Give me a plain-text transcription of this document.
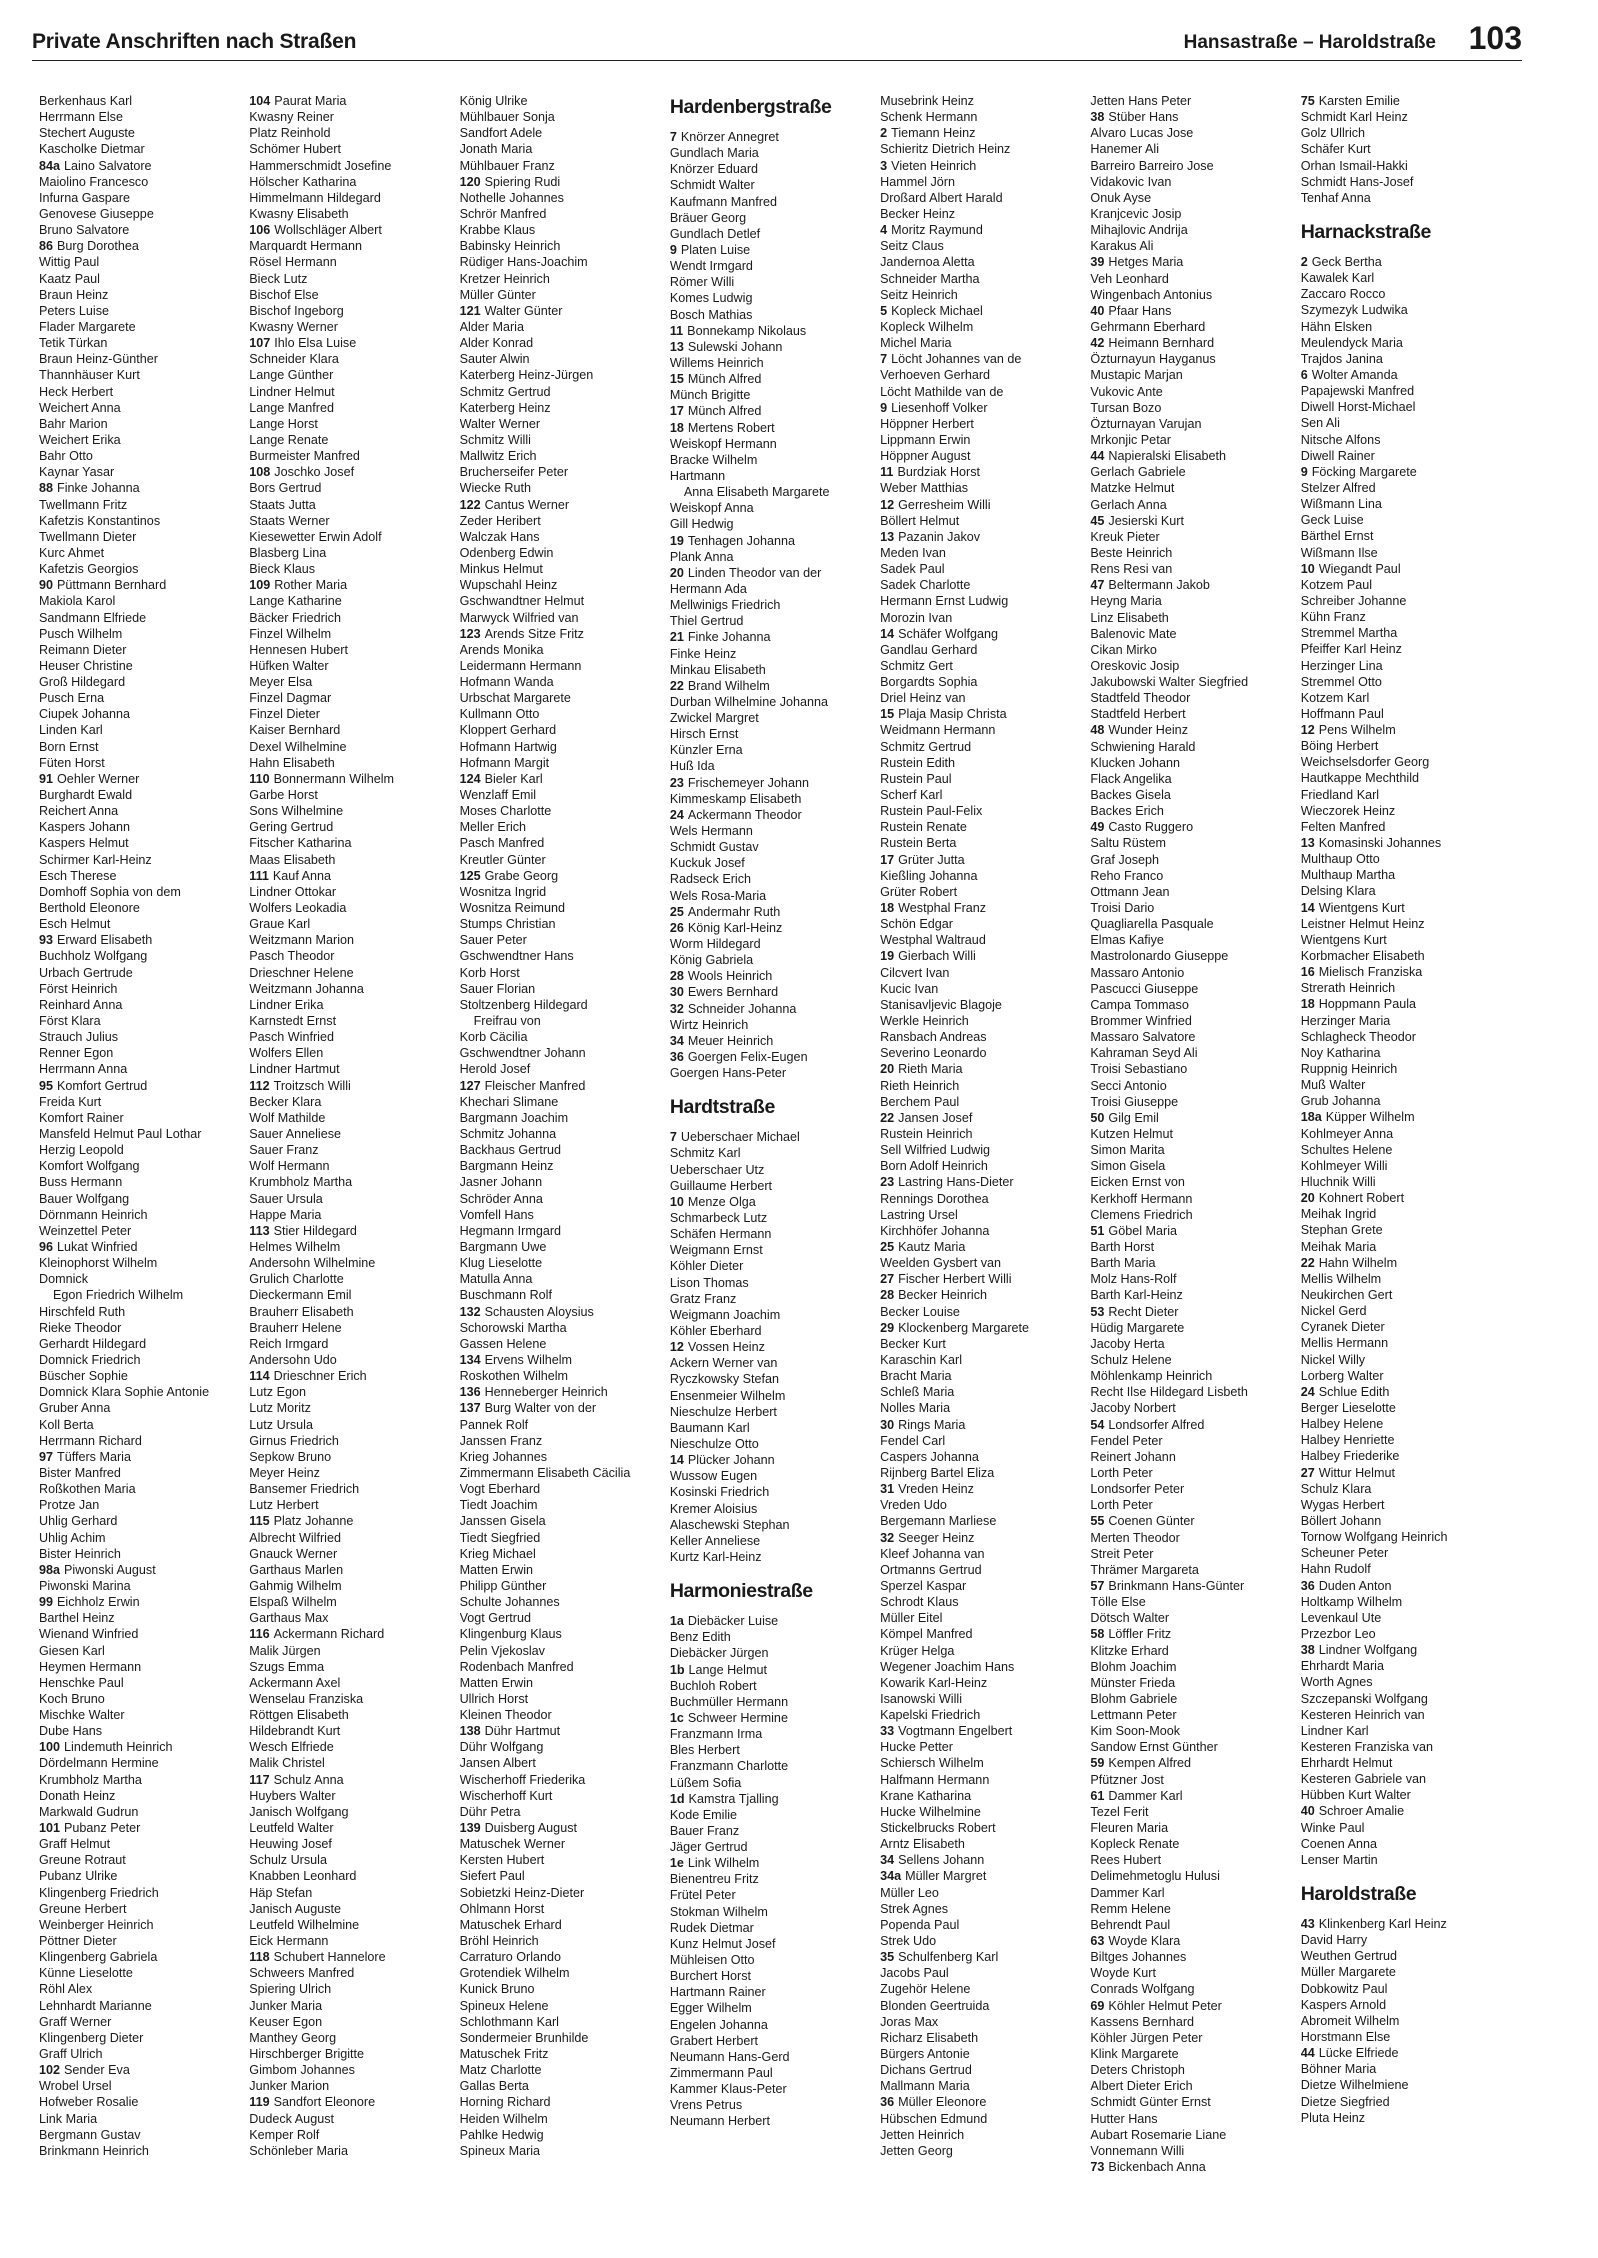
Private Anschriften nach Straßen	Hansastraße – Haroldstraße 103
Berkenhaus Karl
Herrmann Else
Stechert Auguste
Kascholke Dietmar
84a Laino Salvatore
Maiolino Francesco
Infurna Gaspare
Genovese Giuseppe
Bruno Salvatore
86 Burg Dorothea
Wittig Paul
Kaatz Paul
Braun Heinz
Peters Luise
Flader Margarete
Tetik Türkan
Braun Heinz-Günther
Thannhäuser Kurt
Heck Herbert
Weichert Anna
Bahr Marion
Weichert Erika
Bahr Otto
Kaynar Yasar
88 Finke Johanna
Twellmann Fritz
Kafetzis Konstantinos
Twellmann Dieter
Kurc Ahmet
Kafetzis Georgios
90 Püttmann Bernhard
Makiola Karol
Sandmann Elfriede
Pusch Wilhelm
Reimann Dieter
Heuser Christine
Groß Hildegard
Pusch Erna
Ciupek Johanna
Linden Karl
Born Ernst
Füten Horst
91 Oehler Werner
Burghardt Ewald
Reichert Anna
Kaspers Johann
Kaspers Helmut
Schirmer Karl-Heinz
Esch Therese
Domhoff Sophia von dem
Berthold Eleonore
Esch Helmut
93 Erward Elisabeth
Buchholz Wolfgang
Urbach Gertrude
Först Heinrich
Reinhard Anna
Först Klara
Strauch Julius
Renner Egon
Herrmann Anna
95 Komfort Gertrud
Freida Kurt
Komfort Rainer
Mansfeld Helmut Paul Lothar
Herzig Leopold
Komfort Wolfgang
Buss Hermann
Bauer Wolfgang
Dörnmann Heinrich
Weinzettel Peter
96 Lukat Winfried
Kleinophorst Wilhelm
Domnick
Egon Friedrich Wilhelm
Hirschfeld Ruth
Rieke Theodor
Gerhardt Hildegard
Domnick Friedrich
Büscher Sophie
Domnick Klara Sophie Antonie
Gruber Anna
Koll Berta
Herrmann Richard
97 Tüffers Maria
Bister Manfred
Roßkothen Maria
Protze Jan
Uhlig Gerhard
Uhlig Achim
Bister Heinrich
98a Piwonski August
Piwonski Marina
99 Eichholz Erwin
Barthel Heinz
Wienand Winfried
Giesen Karl
Heymen Hermann
Henschke Paul
Koch Bruno
Mischke Walter
Dube Hans
100 Lindemuth Heinrich
Dördelmann Hermine
Krumbholz Martha
Donath Heinz
Markwald Gudrun
101 Pubanz Peter
Graff Helmut
Greune Rotraut
Pubanz Ulrike
Klingenberg Friedrich
Greune Herbert
Weinberger Heinrich
Pöttner Dieter
Klingenberg Gabriela
Künne Lieselotte
Röhl Alex
Lehnhardt Marianne
Graff Werner
Klingenberg Dieter
Graff Ulrich
102 Sender Eva
Wrobel Ursel
Hofweber Rosalie
Link Maria
Bergmann Gustav
Brinkmann Heinrich
104 Paurat Maria
Kwasny Reiner
Platz Reinhold
Schömer Hubert
Hammerschmidt Josefine
Hölscher Katharina
Himmelmann Hildegard
Kwasny Elisabeth
106 Wollschläger Albert
Marquardt Hermann
Rösel Hermann
Bieck Lutz
Bischof Else
Bischof Ingeborg
Kwasny Werner
107 Ihlo Elsa Luise
Schneider Klara
Lange Günther
Lindner Helmut
Lange Manfred
Lange Horst
Lange Renate
Burmeister Manfred
108 Joschko Josef
Bors Gertrud
Staats Jutta
Staats Werner
Kiesewetter Erwin Adolf
Blasberg Lina
Bieck Klaus
109 Rother Maria
Lange Katharine
Bäcker Friedrich
Finzel Wilhelm
Hennesen Hubert
Hüfken Walter
Meyer Elsa
Finzel Dagmar
Finzel Dieter
Kaiser Bernhard
Dexel Wilhelmine
Hahn Elisabeth
110 Bonnermann Wilhelm
Garbe Horst
Sons Wilhelmine
Gering Gertrud
Fitscher Katharina
Maas Elisabeth
111 Kauf Anna
Lindner Ottokar
Wolfers Leokadia
Graue Karl
Weitzmann Marion
Pasch Theodor
Drieschner Helene
Weitzmann Johanna
Lindner Erika
Karnstedt Ernst
Pasch Winfried
Wolfers Ellen
Lindner Hartmut
112 Troitzsch Willi
Becker Klara
Wolf Mathilde
Sauer Anneliese
Sauer Franz
Wolf Hermann
Krumbholz Martha
Sauer Ursula
Happe Maria
113 Stier Hildegard
Helmes Wilhelm
Andersohn Wilhelmine
Grulich Charlotte
Dieckermann Emil
Brauherr Elisabeth
Brauherr Helene
Reich Irmgard
Andersohn Udo
114 Drieschner Erich
Lutz Egon
Lutz Moritz
Lutz Ursula
Girnus Friedrich
Sepkow Bruno
Meyer Heinz
Bansemer Friedrich
Lutz Herbert
115 Platz Johanne
Albrecht Wilfried
Gnauck Werner
Garthaus Marlen
Gahmig Wilhelm
Elspaß Wilhelm
Garthaus Max
116 Ackermann Richard
Malik Jürgen
Szugs Emma
Ackermann Axel
Wenselau Franziska
Röttgen Elisabeth
Hildebrandt Kurt
Wesch Elfriede
Malik Christel
117 Schulz Anna
Huybers Walter
Janisch Wolfgang
Leutfeld Walter
Heuwing Josef
Schulz Ursula
Knabben Leonhard
Häp Stefan
Janisch Auguste
Leutfeld Wilhelmine
Eick Hermann
118 Schubert Hannelore
Schweers Manfred
Spiering Ulrich
Junker Maria
Keuser Egon
Manthey Georg
Hirschberger Brigitte
Gimbom Johannes
Junker Marion
119 Sandfort Eleonore
Dudeck August
Kemper Rolf
Schönleber Maria
König Ulrike
Mühlbauer Sonja
Sandfort Adele
Jonath Maria
Mühlbauer Franz
120 Spiering Rudi
Nothelle Johannes
Schrör Manfred
Krabbe Klaus
Babinsky Heinrich
Rüdiger Hans-Joachim
Kretzer Heinrich
Müller Günter
121 Walter Günter
Alder Maria
Alder Konrad
Sauter Alwin
Katerberg Heinz-Jürgen
Schmitz Gertrud
Katerberg Heinz
Walter Werner
Schmitz Willi
Mallwitz Erich
Brucherseifer Peter
Wiecke Ruth
122 Cantus Werner
Zeder Heribert
Walczak Hans
Odenberg Edwin
Minkus Helmut
Wupschahl Heinz
Gschwandtner Helmut
Marwyck Wilfried van
123 Arends Sitze Fritz
Arends Monika
Leidermann Hermann
Hofmann Wanda
Urbschat Margarete
Kullmann Otto
Kloppert Gerhard
Hofmann Hartwig
Hofmann Margit
124 Bieler Karl
Wenzlaff Emil
Moses Charlotte
Meller Erich
Pasch Manfred
Kreutler Günter
125 Grabe Georg
Wosnitza Ingrid
Wosnitza Reimund
Stumps Christian
Sauer Peter
Gschwendtner Hans
Korb Horst
Sauer Florian
Stoltzenberg Hildegard
Freifrau von
Korb Cäcilia
Gschwendtner Johann
Herold Josef
127 Fleischer Manfred
Khechari Slimane
Bargmann Joachim
Schmitz Johanna
Backhaus Gertrud
Bargmann Heinz
Jasner Johann
Schröder Anna
Vomfell Hans
Hegmann Irmgard
Bargmann Uwe
Klug Lieselotte
Matulla Anna
Buschmann Rolf
132 Schausten Aloysius
Schorowski Martha
Gassen Helene
134 Ervens Wilhelm
Roskothen Wilhelm
136 Henneberger Heinrich
137 Burg Walter von der
Pannek Rolf
Janssen Franz
Krieg Johannes
Zimmermann Elisabeth Cäcilia
Vogt Eberhard
Tiedt Joachim
Janssen Gisela
Tiedt Siegfried
Krieg Michael
Matten Erwin
Philipp Günther
Schulte Johannes
Vogt Gertrud
Klingenburg Klaus
Pelin Vjekoslav
Rodenbach Manfred
Matten Erwin
Ullrich Horst
Kleinen Theodor
138 Dühr Hartmut
Dühr Wolfgang
Jansen Albert
Wischerhoff Friederika
Wischerhoff Kurt
Dühr Petra
139 Duisberg August
Matuschek Werner
Kersten Hubert
Siefert Paul
Sobietzki Heinz-Dieter
Ohlmann Horst
Matuschek Erhard
Bröhl Heinrich
Carraturo Orlando
Grotendiek Wilhelm
Kunick Bruno
Spineux Helene
Schlothmann Karl
Sondermeier Brunhilde
Matuschek Fritz
Matz Charlotte
Gallas Berta
Horning Richard
Heiden Wilhelm
Pahlke Hedwig
Spineux Maria
Hardenbergstraße
7 Knörzer Annegret
Gundlach Maria
Knörzer Eduard
Schmidt Walter
Kaufmann Manfred
Bräuer Georg
Gundlach Detlef
9 Platen Luise
Wendt Irmgard
Römer Willi
Komes Ludwig
Bosch Mathias
11 Bonnekamp Nikolaus
13 Sulewski Johann
Willems Heinrich
15 Münch Alfred
Münch Brigitte
17 Münch Alfred
18 Mertens Robert
Weiskopf Hermann
Bracke Wilhelm
Hartmann
Anna Elisabeth Margarete
Weiskopf Anna
Gill Hedwig
19 Tenhagen Johanna
Plank Anna
20 Linden Theodor van der
Hermann Ada
Mellwinigs Friedrich
Thiel Gertrud
21 Finke Johanna
Finke Heinz
Minkau Elisabeth
22 Brand Wilhelm
Durban Wilhelmine Johanna
Zwickel Margret
Hirsch Ernst
Künzler Erna
Huß Ida
23 Frischemeyer Johann
Kimmeskamp Elisabeth
24 Ackermann Theodor
Wels Hermann
Schmidt Gustav
Kuckuk Josef
Radseck Erich
Wels Rosa-Maria
25 Andermahr Ruth
26 König Karl-Heinz
Worm Hildegard
König Gabriela
28 Wools Heinrich
30 Ewers Bernhard
32 Schneider Johanna
Wirtz Heinrich
34 Meuer Heinrich
36 Goergen Felix-Eugen
Goergen Hans-Peter
Hardtstraße
7 Ueberschaer Michael
Schmitz Karl
Ueberschaer Utz
Guillaume Herbert
10 Menze Olga
Schmarbeck Lutz
Schäfen Hermann
Weigmann Ernst
Köhler Dieter
Lison Thomas
Gratz Franz
Weigmann Joachim
Köhler Eberhard
12 Vossen Heinz
Ackern Werner van
Ryczkowsky Stefan
Ensenmeier Wilhelm
Nieschulze Herbert
Baumann Karl
Nieschulze Otto
14 Plücker Johann
Wussow Eugen
Kosinski Friedrich
Kremer Aloisius
Alaschewski Stephan
Keller Anneliese
Kurtz Karl-Heinz
Harmoniestraße
1a Diebäcker Luise
Benz Edith
Diebäcker Jürgen
1b Lange Helmut
Buchloh Robert
Buchmüller Hermann
1c Schweer Hermine
Franzmann Irma
Bles Herbert
Franzmann Charlotte
Lüßem Sofia
1d Kamstra Tjalling
Kode Emilie
Bauer Franz
Jäger Gertrud
1e Link Wilhelm
Bienentreu Fritz
Frütel Peter
Stokman Wilhelm
Rudek Dietmar
Kunz Helmut Josef
Mühleisen Otto
Burchert Horst
Hartmann Rainer
Egger Wilhelm
Engelen Johanna
Grabert Herbert
Neumann Hans-Gerd
Zimmermann Paul
Kammer Klaus-Peter
Vrens Petrus
Neumann Herbert
Musebrink Heinz
Schenk Hermann
2 Tiemann Heinz
Schieritz Dietrich Heinz
3 Vieten Heinrich
Hammel Jörn
Droßard Albert Harald
Becker Heinz
4 Moritz Raymund
Seitz Claus
Jandernoa Aletta
Schneider Martha
Seitz Heinrich
5 Kopleck Michael
Kopleck Wilhelm
Michel Maria
7 Löcht Johannes van de
Verhoeven Gerhard
Löcht Mathilde van de
9 Liesenhoff Volker
Höppner Herbert
Lippmann Erwin
Höppner August
11 Burdziak Horst
Weber Matthias
12 Gerresheim Willi
Böllert Helmut
13 Pazanin Jakov
Meden Ivan
Sadek Paul
Sadek Charlotte
Hermann Ernst Ludwig
Morozin Ivan
14 Schäfer Wolfgang
Gandlau Gerhard
Schmitz Gert
Borgardts Sophia
Driel Heinz van
15 Plaja Masip Christa
Weidmann Hermann
Schmitz Gertrud
Rustein Edith
Rustein Paul
Scherf Karl
Rustein Paul-Felix
Rustein Renate
Rustein Berta
17 Grüter Jutta
Kießling Johanna
Grüter Robert
18 Westphal Franz
Schön Edgar
Westphal Waltraud
19 Gierbach Willi
Cilcvert Ivan
Kucic Ivan
Stanisavljevic Blagoje
Werkle Heinrich
Ransbach Andreas
Severino Leonardo
20 Rieth Maria
Rieth Heinrich
Berchem Paul
22 Jansen Josef
Rustein Heinrich
Sell Wilfried Ludwig
Born Adolf Heinrich
23 Lastring Hans-Dieter
Rennings Dorothea
Lastring Ursel
Kirchhöfer Johanna
25 Kautz Maria
Weelden Gysbert van
27 Fischer Herbert Willi
28 Becker Heinrich
Becker Louise
29 Klockenberg Margarete
Becker Kurt
Karaschin Karl
Bracht Maria
Schleß Maria
Nolles Maria
30 Rings Maria
Fendel Carl
Caspers Johanna
Rijnberg Bartel Eliza
31 Vreden Heinz
Vreden Udo
Bergemann Marliese
32 Seeger Heinz
Kleef Johanna van
Ortmanns Gertrud
Sperzel Kaspar
Schrodt Klaus
Müller Eitel
Kömpel Manfred
Krüger Helga
Wegener Joachim Hans
Kowarik Karl-Heinz
Isanowski Willi
Kapelski Friedrich
33 Vogtmann Engelbert
Hucke Petter
Schiersch Wilhelm
Halfmann Hermann
Krane Katharina
Hucke Wilhelmine
Stickelbrucks Robert
Arntz Elisabeth
34 Sellens Johann
34a Müller Margret
Müller Leo
Strek Agnes
Popenda Paul
Strek Udo
35 Schulfenberg Karl
Jacobs Paul
Zugehör Helene
Blonden Geertruida
Joras Max
Richarz Elisabeth
Bürgers Antonie
Dichans Gertrud
Mallmann Maria
36 Müller Eleonore
Hübschen Edmund
Jetten Heinrich
Jetten Georg
Jetten Hans Peter
38 Stüber Hans
Alvaro Lucas Jose
Hanemer Ali
Barreiro Barreiro Jose
Vidakovic Ivan
Onuk Ayse
Kranjcevic Josip
Mihajlovic Andrija
Karakus Ali
39 Hetges Maria
Veh Leonhard
Wingenbach Antonius
40 Pfaar Hans
Gehrmann Eberhard
42 Heimann Bernhard
Özturnayun Hayganus
Mustapic Marjan
Vukovic Ante
Tursan Bozo
Özturnayan Varujan
Mrkonjic Petar
44 Napieralski Elisabeth
Gerlach Gabriele
Matzke Helmut
Gerlach Anna
45 Jesierski Kurt
Kreuk Pieter
Beste Heinrich
Rens Resi van
47 Beltermann Jakob
Heyng Maria
Linz Elisabeth
Balenovic Mate
Cikan Mirko
Oreskovic Josip
Jakubowski Walter Siegfried
Stadtfeld Theodor
Stadtfeld Herbert
48 Wunder Heinz
Schwiening Harald
Klucken Johann
Flack Angelika
Backes Gisela
Backes Erich
49 Casto Ruggero
Saltu Rüstem
Graf Joseph
Reho Franco
Ottmann Jean
Troisi Dario
Quagliarella Pasquale
Elmas Kafiye
Mastrolonardo Giuseppe
Massaro Antonio
Pascucci Giuseppe
Campa Tommaso
Brommer Winfried
Massaro Salvatore
Kahraman Seyd Ali
Troisi Sebastiano
Secci Antonio
Troisi Giuseppe
50 Gilg Emil
Kutzen Helmut
Simon Marita
Simon Gisela
Eicken Ernst von
Kerkhoff Hermann
Clemens Friedrich
51 Göbel Maria
Barth Horst
Barth Maria
Molz Hans-Rolf
Barth Karl-Heinz
53 Recht Dieter
Hüdig Margarete
Jacoby Herta
Schulz Helene
Möhlenkamp Heinrich
Recht Ilse Hildegard Lisbeth
Jacoby Norbert
54 Londsorfer Alfred
Fendel Peter
Reinert Johann
Lorth Peter
Londsorfer Peter
Lorth Peter
55 Coenen Günter
Merten Theodor
Streit Peter
Thrämer Margareta
57 Brinkmann Hans-Günter
Tölle Else
Dötsch Walter
58 Löffler Fritz
Klitzke Erhard
Blohm Joachim
Münster Frieda
Blohm Gabriele
Lettmann Peter
Kim Soon-Mook
Sandow Ernst Günther
59 Kempen Alfred
Pfützner Jost
61 Dammer Karl
Tezel Ferit
Fleuren Maria
Kopleck Renate
Rees Hubert
Delimehmetoglu Hulusi
Dammer Karl
Remm Helene
Behrendt Paul
63 Woyde Klara
Biltges Johannes
Woyde Kurt
Conrads Wolfgang
69 Köhler Helmut Peter
Kassens Bernhard
Köhler Jürgen Peter
Klink Margarete
Deters Christoph
Albert Dieter Erich
Schmidt Günter Ernst
Hutter Hans
Aubart Rosemarie Liane
Vonnemann Willi
73 Bickenbach Anna
75 Karsten Emilie
Schmidt Karl Heinz
Golz Ullrich
Schäfer Kurt
Orhan Ismail-Hakki
Schmidt Hans-Josef
Tenhaf Anna
Harnackstraße
2 Geck Bertha
Kawalek Karl
Zaccaro Rocco
Szymezyk Ludwika
Hähn Elsken
Meulendyck Maria
Trajdos Janina
6 Wolter Amanda
Papajewski Manfred
Diwell Horst-Michael
Sen Ali
Nitsche Alfons
Diwell Rainer
9 Föcking Margarete
Stelzer Alfred
Wißmann Lina
Geck Luise
Bärthel Ernst
Wißmann Ilse
10 Wiegandt Paul
Kotzem Paul
Schreiber Johanne
Kühn Franz
Stremmel Martha
Pfeiffer Karl Heinz
Herzinger Lina
Stremmel Otto
Kotzem Karl
Hoffmann Paul
12 Pens Wilhelm
Böing Herbert
Weichselsdorfer Georg
Hautkappe Mechthild
Friedland Karl
Wieczorek Heinz
Felten Manfred
13 Komasinski Johannes
Multhaup Otto
Multhaup Martha
Delsing Klara
14 Wientgens Kurt
Leistner Helmut Heinz
Wientgens Kurt
Korbmacher Elisabeth
16 Mielisch Franziska
Strerath Heinrich
18 Hoppmann Paula
Herzinger Maria
Schlagheck Theodor
Noy Katharina
Ruppnig Heinrich
Muß Walter
Grub Johanna
18a Küpper Wilhelm
Kohlmeyer Anna
Schultes Helene
Kohlmeyer Willi
Hluchnik Willi
20 Kohnert Robert
Meihak Ingrid
Stephan Grete
Meihak Maria
22 Hahn Wilhelm
Mellis Wilhelm
Neukirchen Gert
Nickel Gerd
Cyranek Dieter
Mellis Hermann
Nickel Willy
Lorberg Walter
24 Schlue Edith
Berger Lieselotte
Halbey Helene
Halbey Henriette
Halbey Friederike
27 Wittur Helmut
Schulz Klara
Wygas Herbert
Böllert Johann
Tornow Wolfgang Heinrich
Scheuner Peter
Hahn Rudolf
36 Duden Anton
Holtkamp Wilhelm
Levenkaul Ute
Przezbor Leo
38 Lindner Wolfgang
Ehrhardt Maria
Worth Agnes
Szczepanski Wolfgang
Kesteren Heinrich van
Lindner Karl
Kesteren Franziska van
Ehrhardt Helmut
Kesteren Gabriele van
Hübben Kurt Walter
40 Schroer Amalie
Winke Paul
Coenen Anna
Lenser Martin
Haroldstraße
43 Klinkenberg Karl Heinz
David Harry
Weuthen Gertrud
Müller Margarete
Dobkowitz Paul
Kaspers Arnold
Abromeit Wilhelm
Horstmann Else
44 Lücke Elfriede
Böhner Maria
Dietze Wilhelmiene
Dietze Siegfried
Pluta Heinz
